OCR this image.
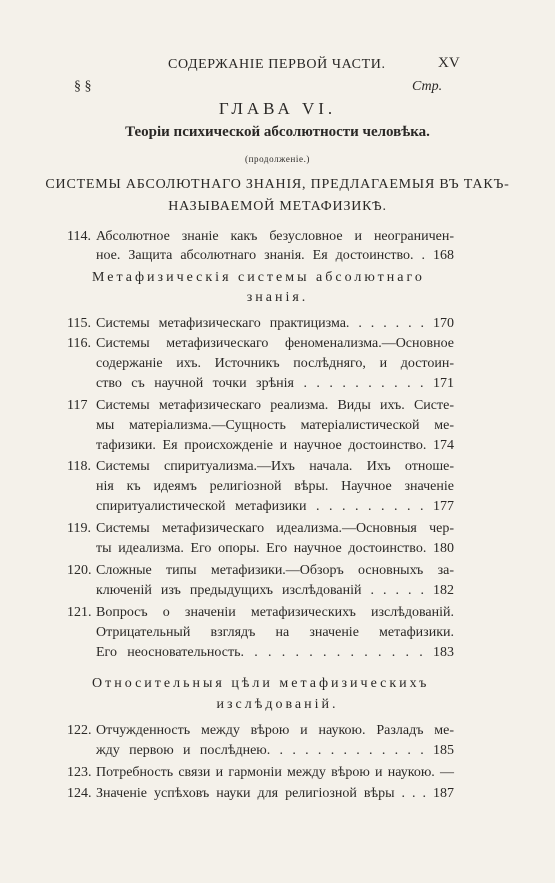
СОДЕРЖАНІЕ ПЕРВОЙ ЧАСТИ.	XV
§ §	Стр.
ГЛАВА VI.
Теоріи психической абсолютности человѣка.
(продолженіе.)
СИСТЕМЫ АБСОЛЮТНАГО ЗНАНІЯ, ПРЕДЛАГАЕМЫЯ ВЪ ТАКЪ-
НАЗЫВАЕМОЙ МЕТАФИЗИКѢ.
114. Абсолютное знаніе какъ безусловное и неограничен-
ное. Защита абсолютнаго знанія. Ея достоинство. . 168
Метафизическія системы абсолютнаго
знанія.
115. Системы метафизическаго практицизма. . . . . . . 170
116. Системы метафизическаго феноменализма.—Основное
содержаніе ихъ. Источникъ послѣдняго, и достоин-
ство съ научной точки зрѣнія . . . . . . . . . . 171
117 Системы метафизическаго реализма. Виды ихъ. Систе-
мы матеріализма.—Сущность матеріалистической ме-
тафизики. Ея происхожденіе и научное достоинство. 174
118. Системы спиритуализма.—Ихъ начала. Ихъ отноше-
нія къ идеямъ религіозной вѣры. Научное значеніе
спиритуалистической метафизики . . . . . . . . . 177
119. Системы метафизическаго идеализма.—Основныя чер-
ты идеализма. Его опоры. Его научное достоинство. 180
120. Сложные типы метафизики.—Обзоръ основныхъ за-
ключеній изъ предыдущихъ изслѣдованій . . . . . 182
121. Вопросъ о значеніи метафизическихъ изслѣдованій.
Отрицательный взглядъ на значеніе метафизики.
Его неосновательность. . . . . . . . . . . . . . 183
Относительныя цѣли метафизическихъ
изслѣдованій.
122. Отчужденность между вѣрою и наукою. Разладъ ме-
жду первою и послѣднею. . . . . . . . . . . . . 185
123. Потребность связи и гармоніи между вѣрою и наукою. —
124. Значеніе успѣховъ науки для религіозной вѣры . . . 187
